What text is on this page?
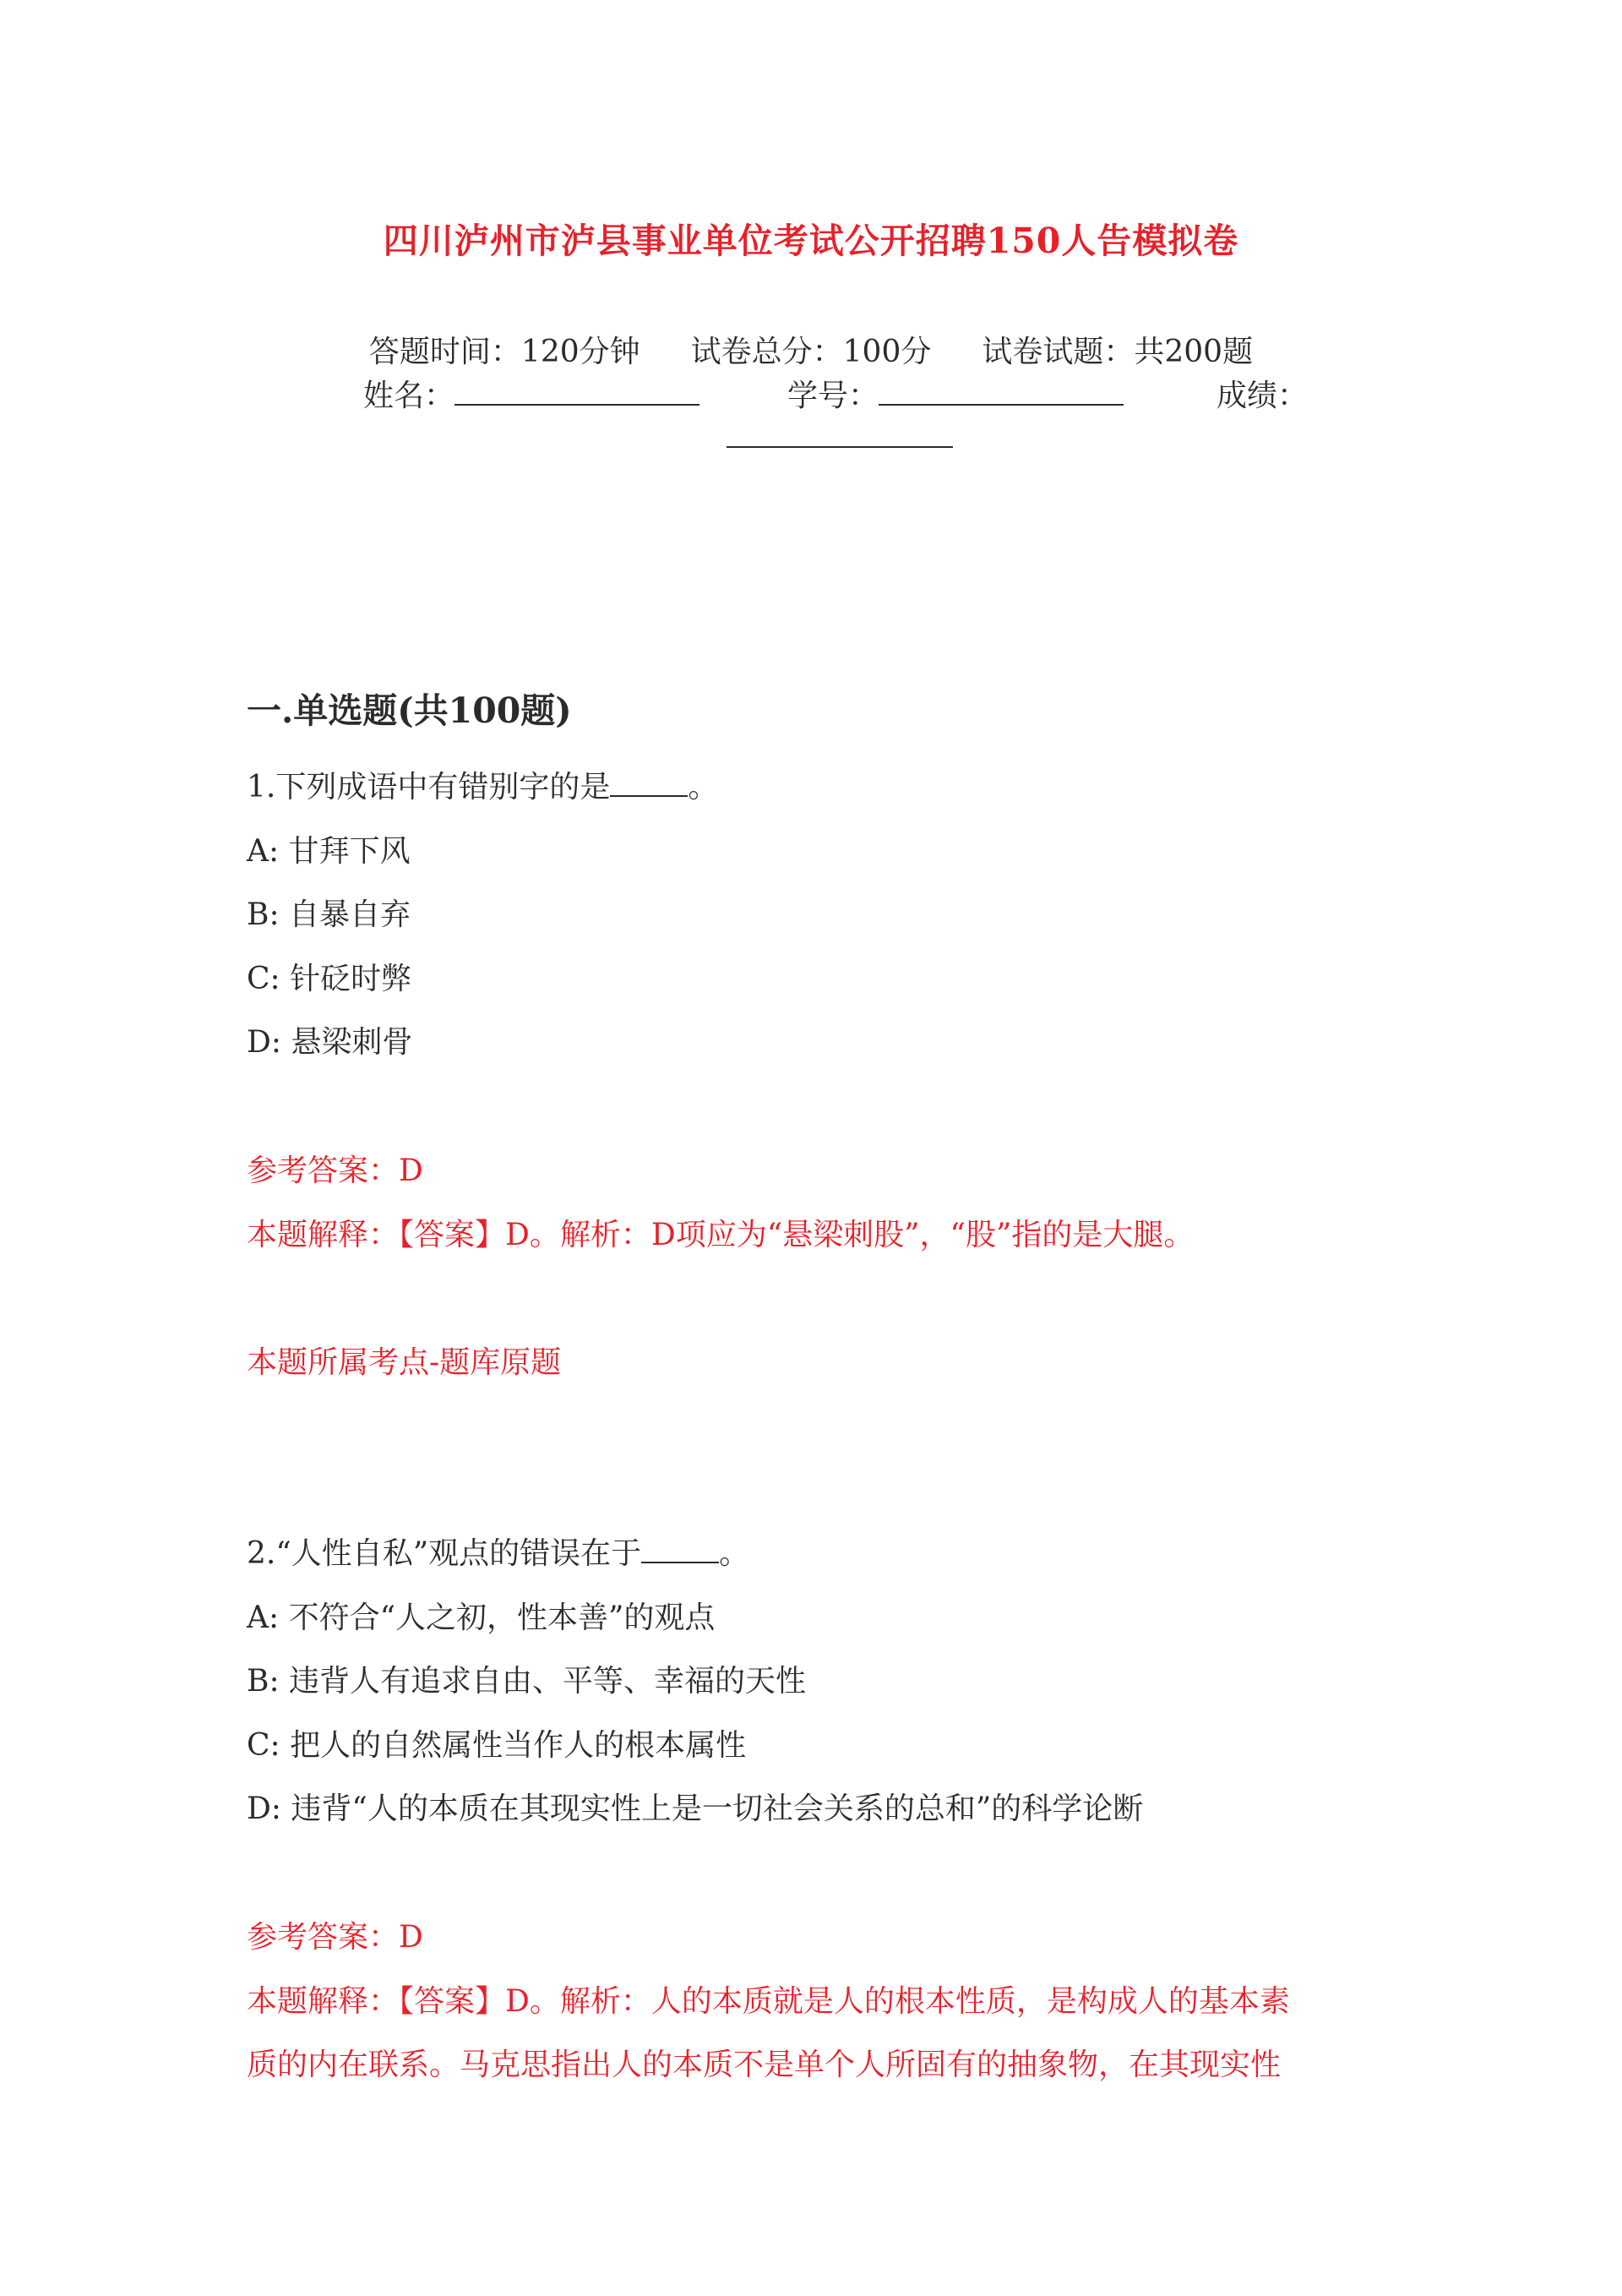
四川泸州市泸县事业单位考试公开招聘150人告模拟卷
答题时间：120分钟 试卷总分：100分 试卷试题：共200题
姓名：	学号：	成绩：
一.单选题(共100题)
1.下列成语中有错别字的是	。
A: 甘拜下风
B: 自暴自弃
C: 针砭时弊
D: 悬梁刺骨
参考答案：D
本题解释：【答案】D。解析：D项应为“悬梁刺股”，“股”指的是大腿。
本题所属考点-题库原题
2.“人性自私”观点的错误在于	。
A: 不符合“人之初，性本善”的观点
B: 违背人有追求自由、平等、幸福的天性
C: 把人的自然属性当作人的根本属性
D: 违背“人的本质在其现实性上是一切社会关系的总和”的科学论断
参考答案：D
本题解释：【答案】D。解析：人的本质就是人的根本性质，是构成人的基本素
质的内在联系。马克思指出人的本质不是单个人所固有的抽象物，在其现实性
